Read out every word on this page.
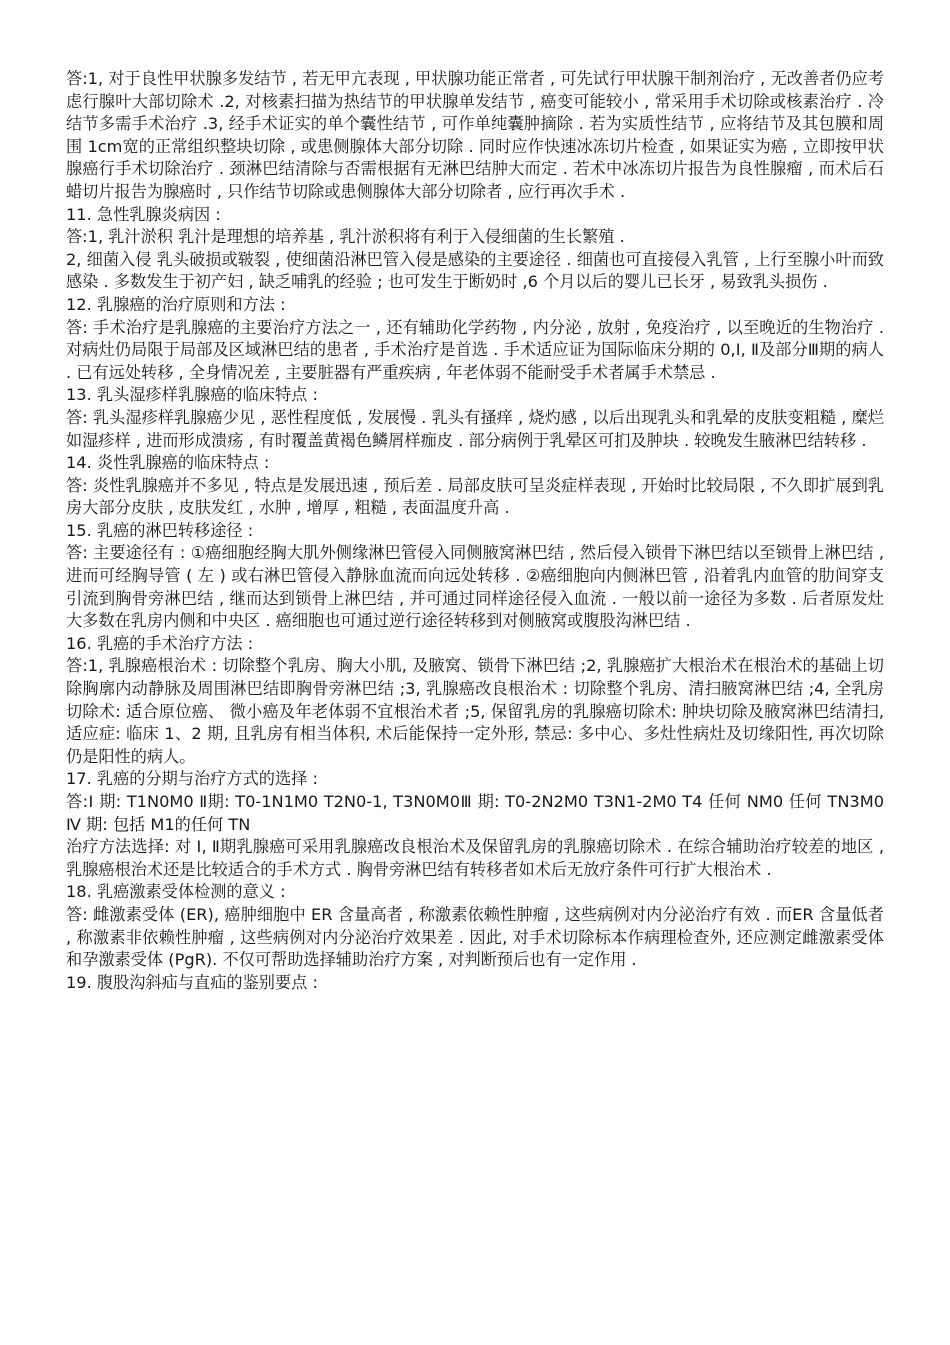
答:1, 对于良性甲状腺多发结节 , 若无甲亢表现 , 甲状腺功能正常者 , 可先试行甲状腺干制剂治疗 , 无改善者仍应考虑行腺叶大部切除术 .2, 对核素扫描为热结节的甲状腺单发结节 , 癌变可能较小 , 常采用手术切除或核素治疗 . 冷结节多需手术治疗 .3, 经手术证实的单个囊性结节 , 可作单纯囊肿摘除 . 若为实质性结节 , 应将结节及其包膜和周围 1cm宽的正常组织整块切除 , 或患侧腺体大部分切除 . 同时应作快速冰冻切片检查 , 如果证实为癌 , 立即按甲状腺癌行手术切除治疗 . 颈淋巴结清除与否需根据有无淋巴结肿大而定 . 若术中冰冻切片报告为良性腺瘤 , 而术后石蜡切片报告为腺癌时 , 只作结节切除或患侧腺体大部分切除者 , 应行再次手术 .

11. 急性乳腺炎病因 :

答:1, 乳汁淤积 乳汁是理想的培养基 , 乳汁淤积将有利于入侵细菌的生长繁殖 .

2, 细菌入侵 乳头破损或皲裂 , 使细菌沿淋巴管入侵是感染的主要途径 . 细菌也可直接侵入乳管 , 上行至腺小叶而致感染 . 多数发生于初产妇 , 缺乏哺乳的经验 ; 也可发生于断奶时 ,6 个月以后的婴儿已长牙 , 易致乳头损伤 .

12. 乳腺癌的治疗原则和方法 :

答: 手术治疗是乳腺癌的主要治疗方法之一 , 还有辅助化学药物 , 内分泌 , 放射 , 免疫治疗 , 以至晚近的生物治疗 . 对病灶仍局限于局部及区域淋巴结的患者 , 手术治疗是首选 . 手术适应证为国际临床分期的 0,Ⅰ, Ⅱ及部分Ⅲ期的病人 . 已有远处转移 , 全身情况差 , 主要脏器有严重疾病 , 年老体弱不能耐受手术者属手术禁忌 .

13. 乳头湿疹样乳腺癌的临床特点 :

答: 乳头湿疹样乳腺癌少见 , 恶性程度低 , 发展慢 . 乳头有搔痒 , 烧灼感 , 以后出现乳头和乳晕的皮肤变粗糙 , 糜烂如湿疹样 , 进而形成溃疡 , 有时覆盖黄褐色鳞屑样痂皮 . 部分病例于乳晕区可扪及肿块 . 较晚发生腋淋巴结转移 .

14. 炎性乳腺癌的临床特点 :

答: 炎性乳腺癌并不多见 , 特点是发展迅速 , 预后差 . 局部皮肤可呈炎症样表现 , 开始时比较局限 , 不久即扩展到乳房大部分皮肤 , 皮肤发红 , 水肿 , 增厚 , 粗糙 , 表面温度升高 .

15. 乳癌的淋巴转移途径 :

答: 主要途径有 : ①癌细胞经胸大肌外侧缘淋巴管侵入同侧腋窝淋巴结 , 然后侵入锁骨下淋巴结以至锁骨上淋巴结 , 进而可经胸导管 ( 左 ) 或右淋巴管侵入静脉血流而向远处转移 . ②癌细胞向内侧淋巴管 , 沿着乳内血管的肋间穿支引流到胸骨旁淋巴结 , 继而达到锁骨上淋巴结 , 并可通过同样途径侵入血流 . 一般以前一途径为多数 . 后者原发灶大多数在乳房内侧和中央区 . 癌细胞也可通过逆行途径转移到对侧腋窝或腹股沟淋巴结 .

16. 乳癌的手术治疗方法 :

答:1, 乳腺癌根治术 : 切除整个乳房、胸大小肌, 及腋窝、锁骨下淋巴结 ;2, 乳腺癌扩大根治术在根治术的基础上切除胸廓内动静脉及周围淋巴结即胸骨旁淋巴结 ;3, 乳腺癌改良根治术 : 切除整个乳房、清扫腋窝淋巴结 ;4, 全乳房切除术: 适合原位癌、 微小癌及年老体弱不宜根治术者 ;5, 保留乳房的乳腺癌切除术: 肿块切除及腋窝淋巴结清扫, 适应症: 临床 1、2 期, 且乳房有相当体积, 术后能保持一定外形, 禁忌: 多中心、多灶性病灶及切缘阳性, 再次切除仍是阳性的病人。

17. 乳癌的分期与治疗方式的选择 :

答:Ⅰ 期: T1N0M0 Ⅱ期: T0-1N1M0 T2N0-1, T3N0M0Ⅲ 期: T0-2N2M0 T3N1-2M0 T4 任何 NM0 任何 TN3M0 Ⅳ 期: 包括 M1的任何 TN

治疗方法选择: 对 Ⅰ, Ⅱ期乳腺癌可采用乳腺癌改良根治术及保留乳房的乳腺癌切除术 . 在综合辅助治疗较差的地区 , 乳腺癌根治术还是比较适合的手术方式 . 胸骨旁淋巴结有转移者如术后无放疗条件可行扩大根治术 .

18. 乳癌激素受体检测的意义 :

答: 雌激素受体 (ER), 癌肿细胞中 ER 含量高者 , 称激素依赖性肿瘤 , 这些病例对内分泌治疗有效 . 而ER 含量低者 , 称激素非依赖性肿瘤 , 这些病例对内分泌治疗效果差 . 因此, 对手术切除标本作病理检查外, 还应测定雌激素受体和孕激素受体 (PgR). 不仅可帮助选择辅助治疗方案 , 对判断预后也有一定作用 .

19. 腹股沟斜疝与直疝的鉴别要点 :
